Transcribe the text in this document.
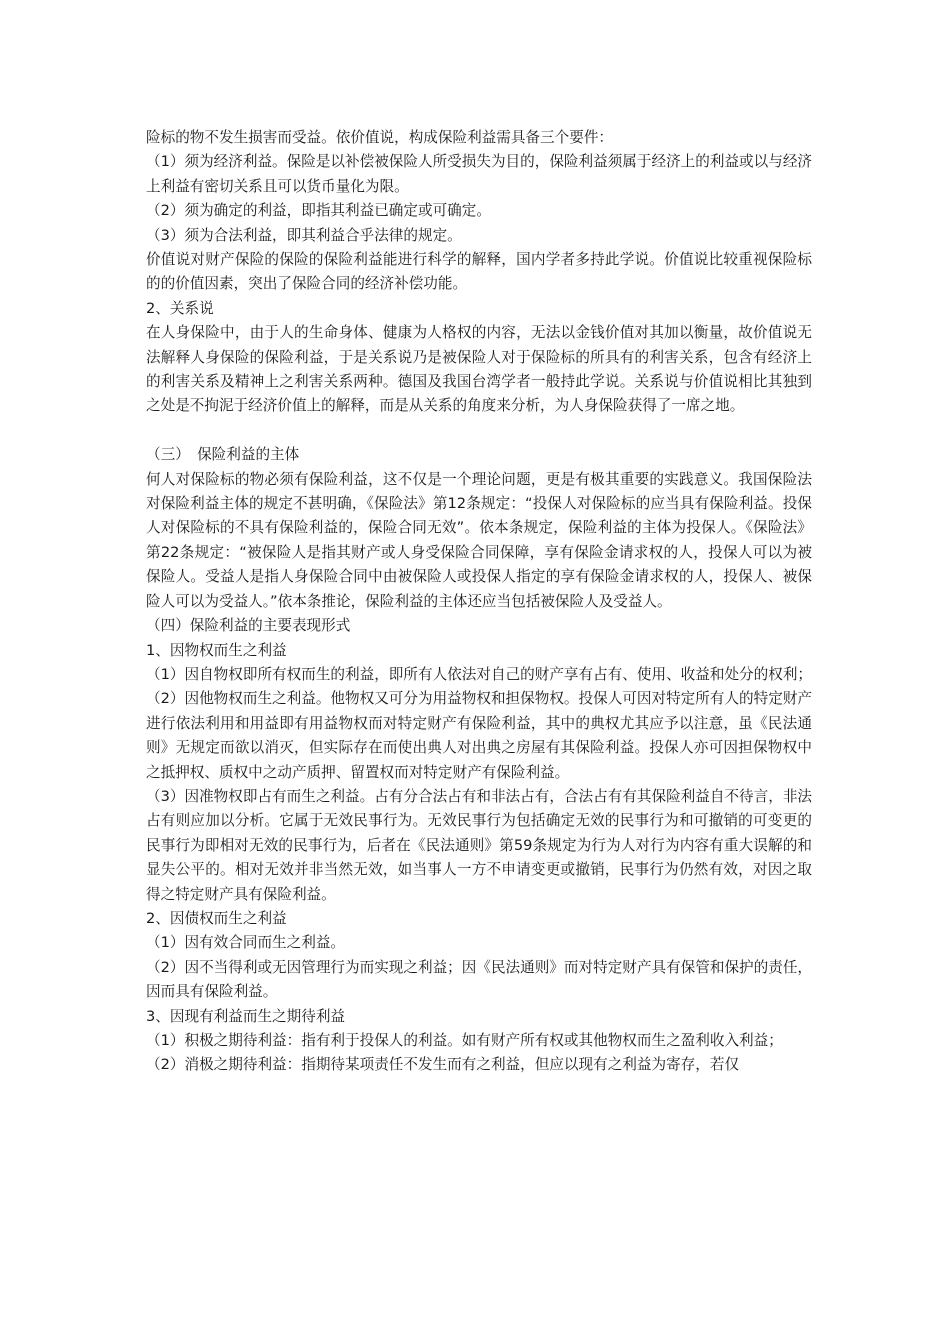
险标的物不发生损害而受益。依价值说，构成保险利益需具备三个要件：

（1）须为经济利益。保险是以补偿被保险人所受损失为目的，保险利益须属于经济上的利益或以与经济上利益有密切关系且可以货币量化为限。

（2）须为确定的利益，即指其利益已确定或可确定。

（3）须为合法利益，即其利益合乎法律的规定。

价值说对财产保险的保险的保险利益能进行科学的解释，国内学者多持此学说。价值说比较重视保险标的的价值因素，突出了保险合同的经济补偿功能。

2、关系说

在人身保险中，由于人的生命身体、健康为人格权的内容，无法以金钱价值对其加以衡量，故价值说无法解释人身保险的保险利益，于是关系说乃是被保险人对于保险标的所具有的利害关系，包含有经济上的利害关系及精神上之利害关系两种。德国及我国台湾学者一般持此学说。关系说与价值说相比其独到之处是不拘泥于经济价值上的解释，而是从关系的角度来分析，为人身保险获得了一席之地。

（三）　保险利益的主体

何人对保险标的物必须有保险利益，这不仅是一个理论问题，更是有极其重要的实践意义。我国保险法对保险利益主体的规定不甚明确，《保险法》第12条规定：“投保人对保险标的应当具有保险利益。投保人对保险标的不具有保险利益的，保险合同无效”。依本条规定，保险利益的主体为投保人。《保险法》第22条规定：“被保险人是指其财产或人身受保险合同保障，享有保险金请求权的人，投保人可以为被保险人。受益人是指人身保险合同中由被保险人或投保人指定的享有保险金请求权的人，投保人、被保险人可以为受益人。”依本条推论，保险利益的主体还应当包括被保险人及受益人。

（四）保险利益的主要表现形式

1、因物权而生之利益

（1）因自物权即所有权而生的利益，即所有人依法对自己的财产享有占有、使用、收益和处分的权利；

（2）因他物权而生之利益。他物权又可分为用益物权和担保物权。投保人可因对特定所有人的特定财产进行依法利用和用益即有用益物权而对特定财产有保险利益，其中的典权尤其应予以注意，虽《民法通则》无规定而欲以消灭，但实际存在而使出典人对出典之房屋有其保险利益。投保人亦可因担保物权中之抵押权、质权中之动产质押、留置权而对特定财产有保险利益。

（3）因准物权即占有而生之利益。占有分合法占有和非法占有，合法占有有其保险利益自不待言，非法占有则应加以分析。它属于无效民事行为。无效民事行为包括确定无效的民事行为和可撤销的可变更的民事行为即相对无效的民事行为，后者在《民法通则》第59条规定为行为人对行为内容有重大误解的和显失公平的。相对无效并非当然无效，如当事人一方不申请变更或撤销，民事行为仍然有效，对因之取得之特定财产具有保险利益。

2、因债权而生之利益

（1）因有效合同而生之利益。

（2）因不当得利或无因管理行为而实现之利益；因《民法通则》而对特定财产具有保管和保护的责任，因而具有保险利益。

3、因现有利益而生之期待利益

（1）积极之期待利益：指有利于投保人的利益。如有财产所有权或其他物权而生之盈利收入利益；

（2）消极之期待利益：指期待某项责任不发生而有之利益，但应以现有之利益为寄存，若仅
